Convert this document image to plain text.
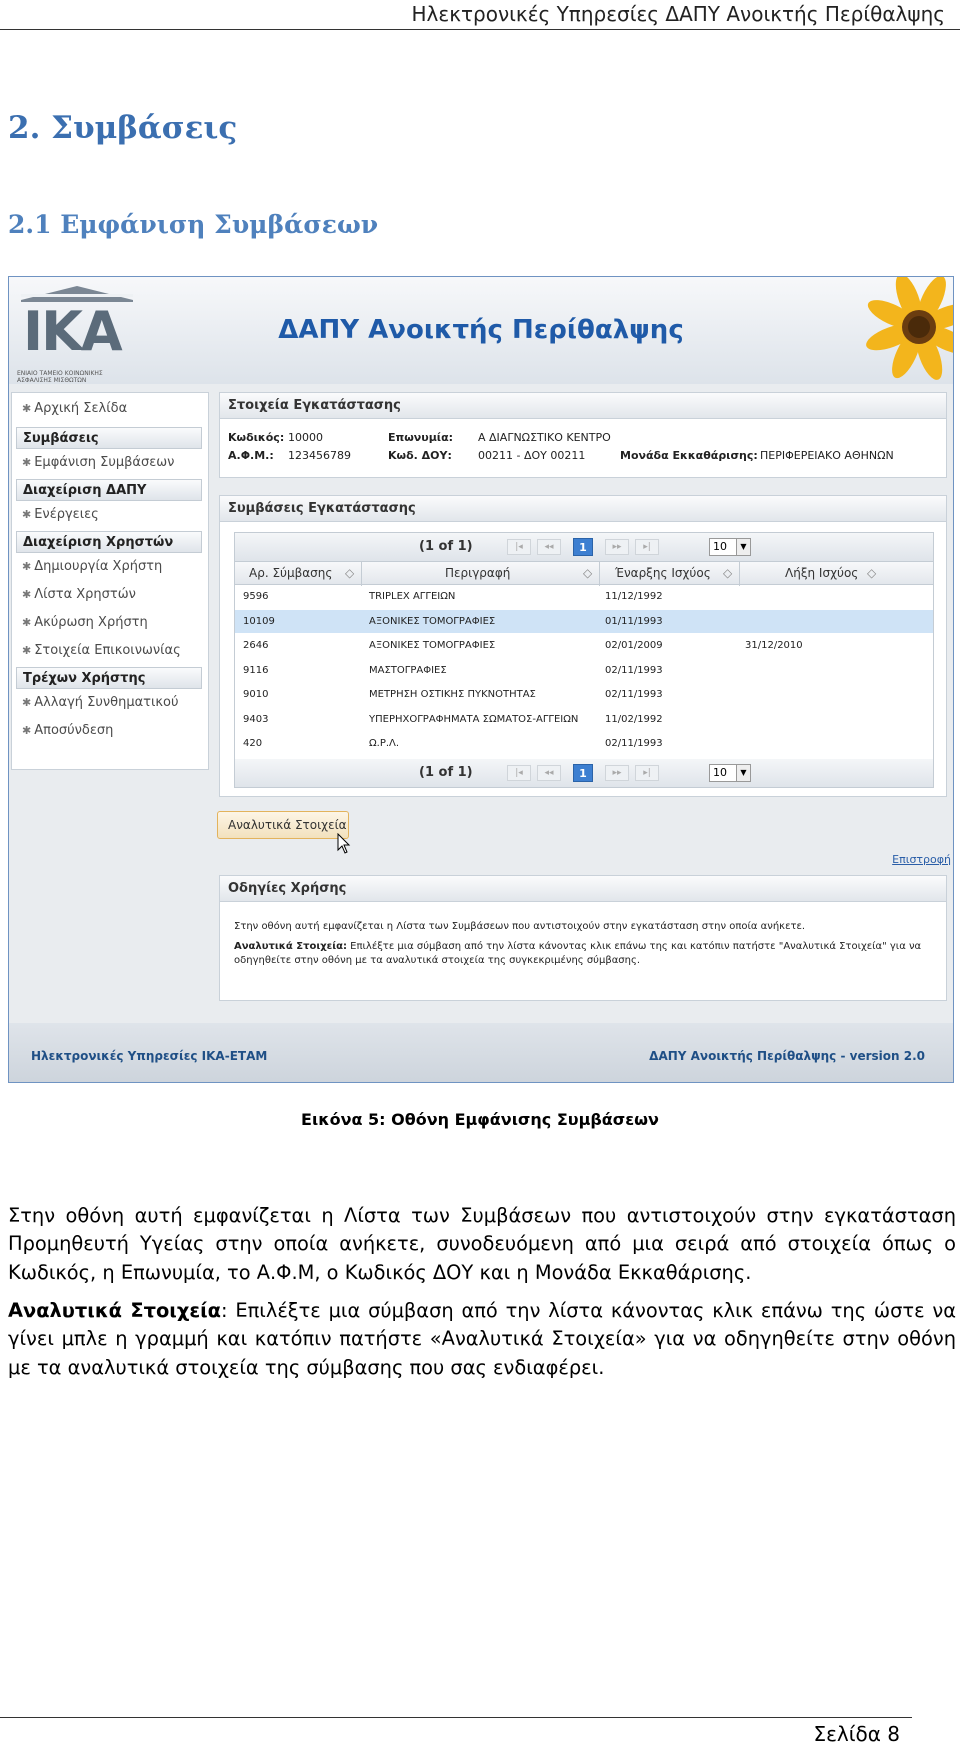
Ηλεκτρονικές Υπηρεσίες ΔΑΠΥ Ανοικτής Περίθαλψης
2. Συμβάσεις
2.1 Εμφάνιση Συμβάσεων
ΙΚΑ
ΕΝΙΑΙΟ ΤΑΜΕΙΟ ΚΟΙΝΩΝΙΚΗΣ ΑΣΦΑΛΙΣΗΣ ΜΙΣΘΩΤΩΝ
ΔΑΠΥ Ανοικτής Περίθαλψης
✱ Αρχική Σελίδα
Συμβάσεις
✱ Εμφάνιση Συμβάσεων
Διαχείριση ΔΑΠΥ
✱ Ενέργειες
Διαχείριση Χρηστών
✱ Δημιουργία Χρήστη
✱ Λίστα Χρηστών
✱ Ακύρωση Χρήστη
✱ Στοιχεία Επικοινωνίας
Τρέχων Χρήστης
✱ Αλλαγή Συνθηματικού
✱ Αποσύνδεση
Στοιχεία Εγκατάστασης
Κωδικός: 10000	Επωνυμία: Α ΔΙΑΓΝΩΣΤΙΚΟ ΚΕΝΤΡΟ
Α.Φ.Μ.: 123456789	Κωδ. ΔΟΥ: 00211 - ΔΟΥ 00211	Μονάδα Εκκαθάρισης: ΠΕΡΙΦΕΡΕΙΑΚΟ ΑΘΗΝΩΝ
Συμβάσεις Εγκατάστασης
(1 of 1)	|◂	◂◂	1	▸▸	▸|	10	▼
Αρ. Σύμβασης ◇	Περιγραφή	◇ Έναρξης Ισχύος ◇	Λήξη Ισχύος ◇
9596	TRIPLEX ΑΓΓΕΙΩΝ	11/12/1992
10109	ΑΞΟΝΙΚΕΣ ΤΟΜΟΓΡΑΦΙΕΣ	01/11/1993
2646	ΑΞΟΝΙΚΕΣ ΤΟΜΟΓΡΑΦΙΕΣ	02/01/2009	31/12/2010
9116	ΜΑΣΤΟΓΡΑΦΙΕΣ	02/11/1993
9010	ΜΕΤΡΗΣΗ ΟΣΤΙΚΗΣ ΠΥΚΝΟΤΗΤΑΣ	02/11/1993
9403	ΥΠΕΡΗΧΟΓΡΑΦΗΜΑΤΑ ΣΩΜΑΤΟΣ-ΑΓΓΕΙΩΝ	11/02/1992
420	Ω.Ρ.Λ.	02/11/1993
(1 of 1)	|◂	◂◂	1	▸▸	▸|	10	▼
Αναλυτικά Στοιχεία
Επιστροφή
Οδηγίες Χρήσης
Στην οθόνη αυτή εμφανίζεται η Λίστα των Συμβάσεων που αντιστοιχούν στην εγκατάσταση στην οποία ανήκετε.
Αναλυτικά Στοιχεία: Επιλέξτε μια σύμβαση από την λίστα κάνοντας κλικ επάνω της και κατόπιν πατήστε "Αναλυτικά Στοιχεία" για να οδηγηθείτε στην οθόνη με τα αναλυτικά στοιχεία της συγκεκριμένης σύμβασης.
Ηλεκτρονικές Υπηρεσίες ΙΚΑ-ΕΤΑΜ	ΔΑΠΥ Ανοικτής Περίθαλψης - version 2.0
Εικόνα 5: Οθόνη Εμφάνισης Συμβάσεων
Στην οθόνη αυτή εμφανίζεται η Λίστα των Συμβάσεων που αντιστοιχούν στην εγκατάσταση Προμηθευτή Υγείας στην οποία ανήκετε, συνοδευόμενη από μια σειρά από στοιχεία όπως ο Κωδικός, η Επωνυμία, το Α.Φ.Μ, ο Κωδικός ΔΟΥ και η Μονάδα Εκκαθάρισης.
Αναλυτικά Στοιχεία: Επιλέξτε μια σύμβαση από την λίστα κάνοντας κλικ επάνω της ώστε να γίνει μπλε η γραμμή και κατόπιν πατήστε «Αναλυτικά Στοιχεία» για να οδηγηθείτε στην οθόνη με τα αναλυτικά στοιχεία της σύμβασης που σας ενδιαφέρει.
Σελίδα 8
